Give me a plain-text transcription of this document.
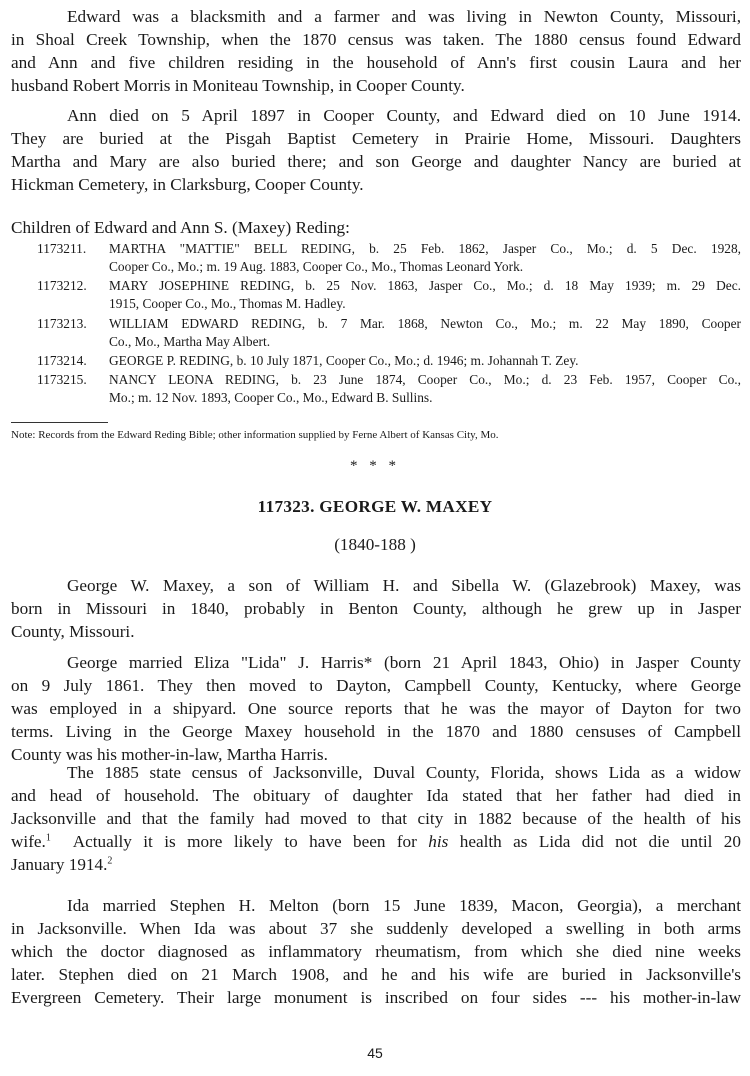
Edward was a blacksmith and a farmer and was living in Newton County, Missouri,
in Shoal Creek Township, when the 1870 census was taken. The 1880 census found Edward
and Ann and five children residing in the household of Ann's first cousin Laura and her
husband Robert Morris in Moniteau Township, in Cooper County.
Ann died on 5 April 1897 in Cooper County, and Edward died on 10 June 1914.
They are buried at the Pisgah Baptist Cemetery in Prairie Home, Missouri. Daughters
Martha and Mary are also buried there; and son George and daughter Nancy are buried at
Hickman Cemetery, in Clarksburg, Cooper County.
Children of Edward and Ann S. (Maxey) Reding:
1173211. MARTHA "MATTIE" BELL REDING, b. 25 Feb. 1862, Jasper Co., Mo.; d. 5 Dec. 1928,
Cooper Co., Mo.; m. 19 Aug. 1883, Cooper Co., Mo., Thomas Leonard York.
1173212. MARY JOSEPHINE REDING, b. 25 Nov. 1863, Jasper Co., Mo.; d. 18 May 1939; m. 29 Dec.
1915, Cooper Co., Mo., Thomas M. Hadley.
1173213. WILLIAM EDWARD REDING, b. 7 Mar. 1868, Newton Co., Mo.; m. 22 May 1890, Cooper
Co., Mo., Martha May Albert.
1173214. GEORGE P. REDING, b. 10 July 1871, Cooper Co., Mo.; d. 1946; m. Johannah T. Zey.
1173215. NANCY LEONA REDING, b. 23 June 1874, Cooper Co., Mo.; d. 23 Feb. 1957, Cooper Co.,
Mo.; m. 12 Nov. 1893, Cooper Co., Mo., Edward B. Sullins.
Note: Records from the Edward Reding Bible; other information supplied by Ferne Albert of Kansas City, Mo.
* * *
117323. GEORGE W. MAXEY
(1840-188 )
George W. Maxey, a son of William H. and Sibella W. (Glazebrook) Maxey, was
born in Missouri in 1840, probably in Benton County, although he grew up in Jasper
County, Missouri.
George married Eliza "Lida" J. Harris* (born 21 April 1843, Ohio) in Jasper County
on 9 July 1861. They then moved to Dayton, Campbell County, Kentucky, where George
was employed in a shipyard. One source reports that he was the mayor of Dayton for two
terms. Living in the George Maxey household in the 1870 and 1880 censuses of Campbell
County was his mother-in-law, Martha Harris.
The 1885 state census of Jacksonville, Duval County, Florida, shows Lida as a widow
and head of household. The obituary of daughter Ida stated that her father had died in
Jacksonville and that the family had moved to that city in 1882 because of the health of his
wife.$^1$  Actually it is more likely to have been for his health as Lida did not die until 20
January 1914.$^2$
Ida married Stephen H. Melton (born 15 June 1839, Macon, Georgia), a merchant
in Jacksonville. When Ida was about 37 she suddenly developed a swelling in both arms
which the doctor diagnosed as inflammatory rheumatism, from which she died nine weeks
later. Stephen died on 21 March 1908, and he and his wife are buried in Jacksonville's
Evergreen Cemetery. Their large monument is inscribed on four sides --- his mother-in-law
45
